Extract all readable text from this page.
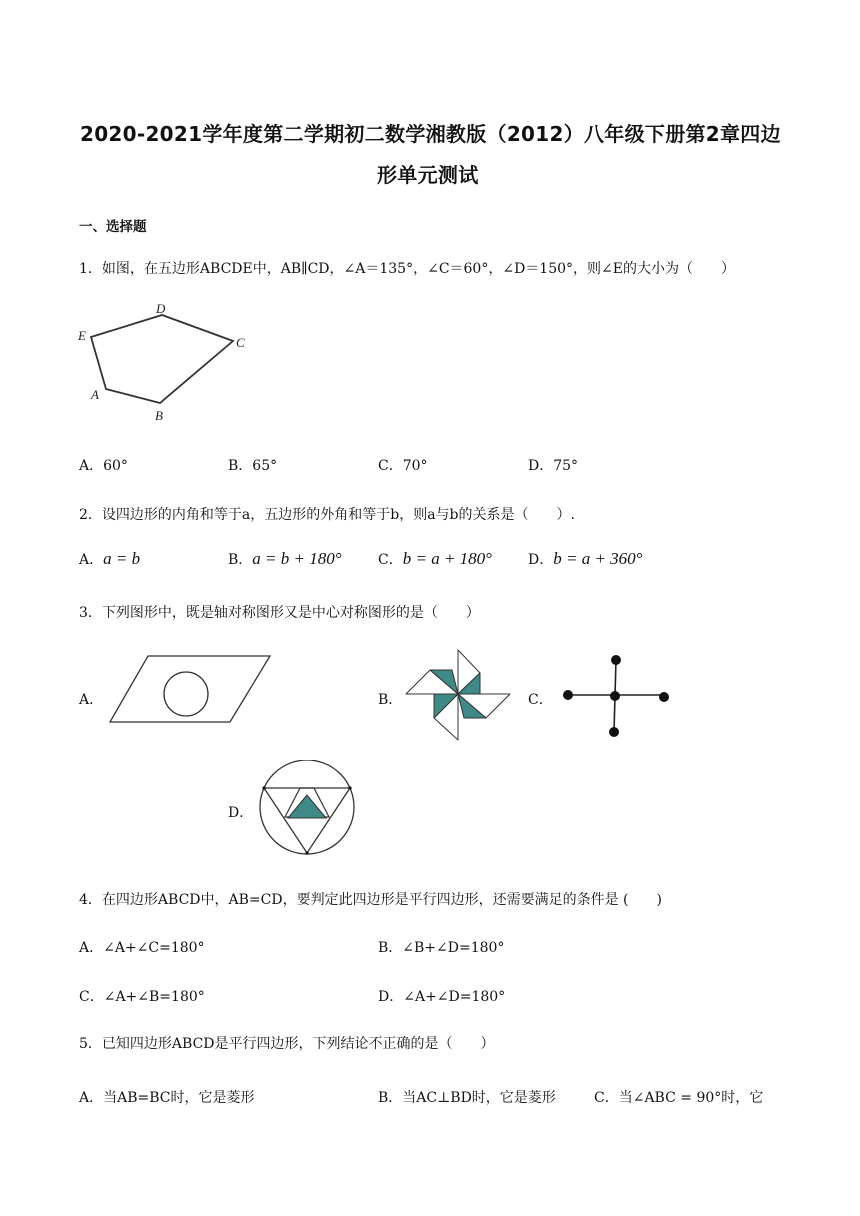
2020-2021学年度第二学期初二数学湘教版（2012）八年级下册第2章四边
形单元测试
一、选择题
1．如图，在五边形ABCDE中，AB∥CD，∠A＝135°，∠C＝60°，∠D＝150°，则∠E的大小为（　　）
D
E	C
A
B
A．60°	B．65°	C．70°	D．75°
2．设四边形的内角和等于a，五边形的外角和等于b，则a与b的关系是（　　）.
A．a = b	B．a = b + 180°	C．b = a + 180°	D．b = a + 360°
3．下列图形中，既是轴对称图形又是中心对称图形的是（　　）
A．	B．	C．
D．
4．在四边形ABCD中，AB=CD，要判定此四边形是平行四边形，还需要满足的条件是 (　　)
A．∠A+∠C=180°	B．∠B+∠D=180°
C．∠A+∠B=180°	D．∠A+∠D=180°
5．已知四边形ABCD是平行四边形，下列结论不正确的是（　　）
A．当AB=BC时，它是菱形	B．当AC⊥BD时，它是菱形	C．当∠ABC = 90°时，它
